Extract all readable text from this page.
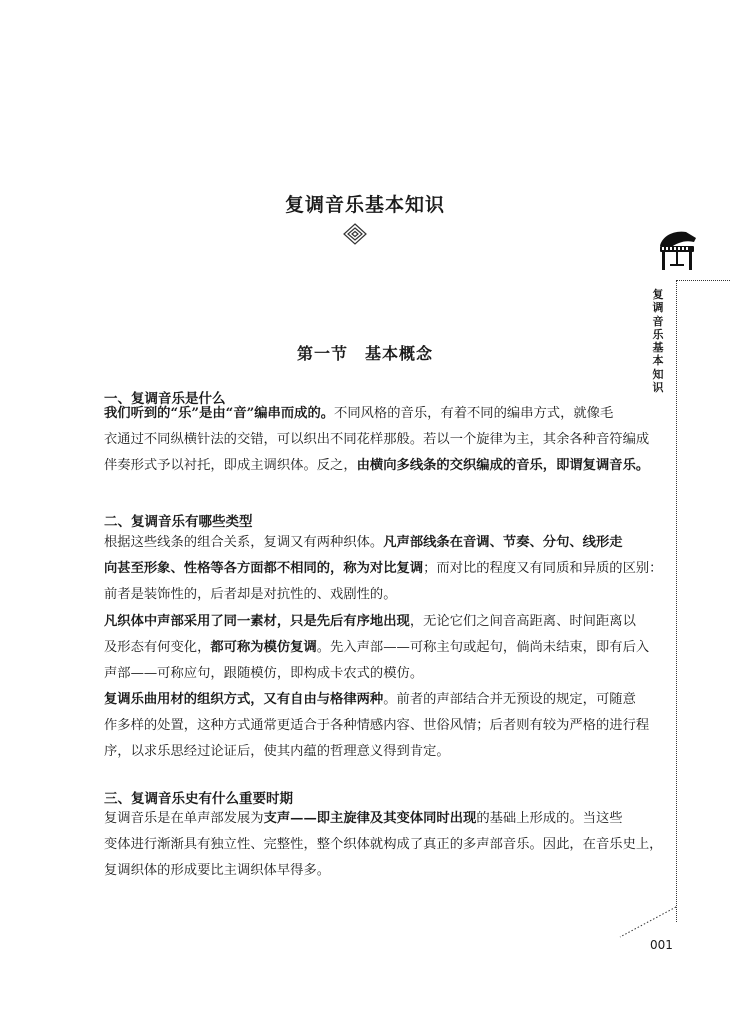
复调音乐基本知识
第一节　基本概念
一、复调音乐是什么

我们听到的“乐”是由“音”编串而成的。不同风格的音乐，有着不同的编串方式，就像毛
衣通过不同纵横针法的交错，可以织出不同花样那般。若以一个旋律为主，其余各种音符编成
伴奏形式予以衬托，即成主调织体。反之，由横向多线条的交织编成的音乐，即谓复调音乐。

二、复调音乐有哪些类型

根据这些线条的组合关系，复调又有两种织体。凡声部线条在音调、节奏、分句、线形走
向甚至形象、性格等各方面都不相同的，称为对比复调；而对比的程度又有同质和异质的区别：
前者是装饰性的，后者却是对抗性的、戏剧性的。

凡织体中声部采用了同一素材，只是先后有序地出现，无论它们之间音高距离、时间距离以
及形态有何变化，都可称为模仿复调。先入声部——可称主句或起句，倘尚未结束，即有后入
声部——可称应句，跟随模仿，即构成卡农式的模仿。

复调乐曲用材的组织方式，又有自由与格律两种。前者的声部结合并无预设的规定，可随意
作多样的处置，这种方式通常更适合于各种情感内容、世俗风情；后者则有较为严格的进行程
序，以求乐思经过论证后，使其内蕴的哲理意义得到肯定。

三、复调音乐史有什么重要时期

复调音乐是在单声部发展为支声——即主旋律及其变体同时出现的基础上形成的。当这些
变体进行渐渐具有独立性、完整性，整个织体就构成了真正的多声部音乐。因此，在音乐史上，
复调织体的形成要比主调织体早得多。

复
调
音
乐
基
本
知
识
001
